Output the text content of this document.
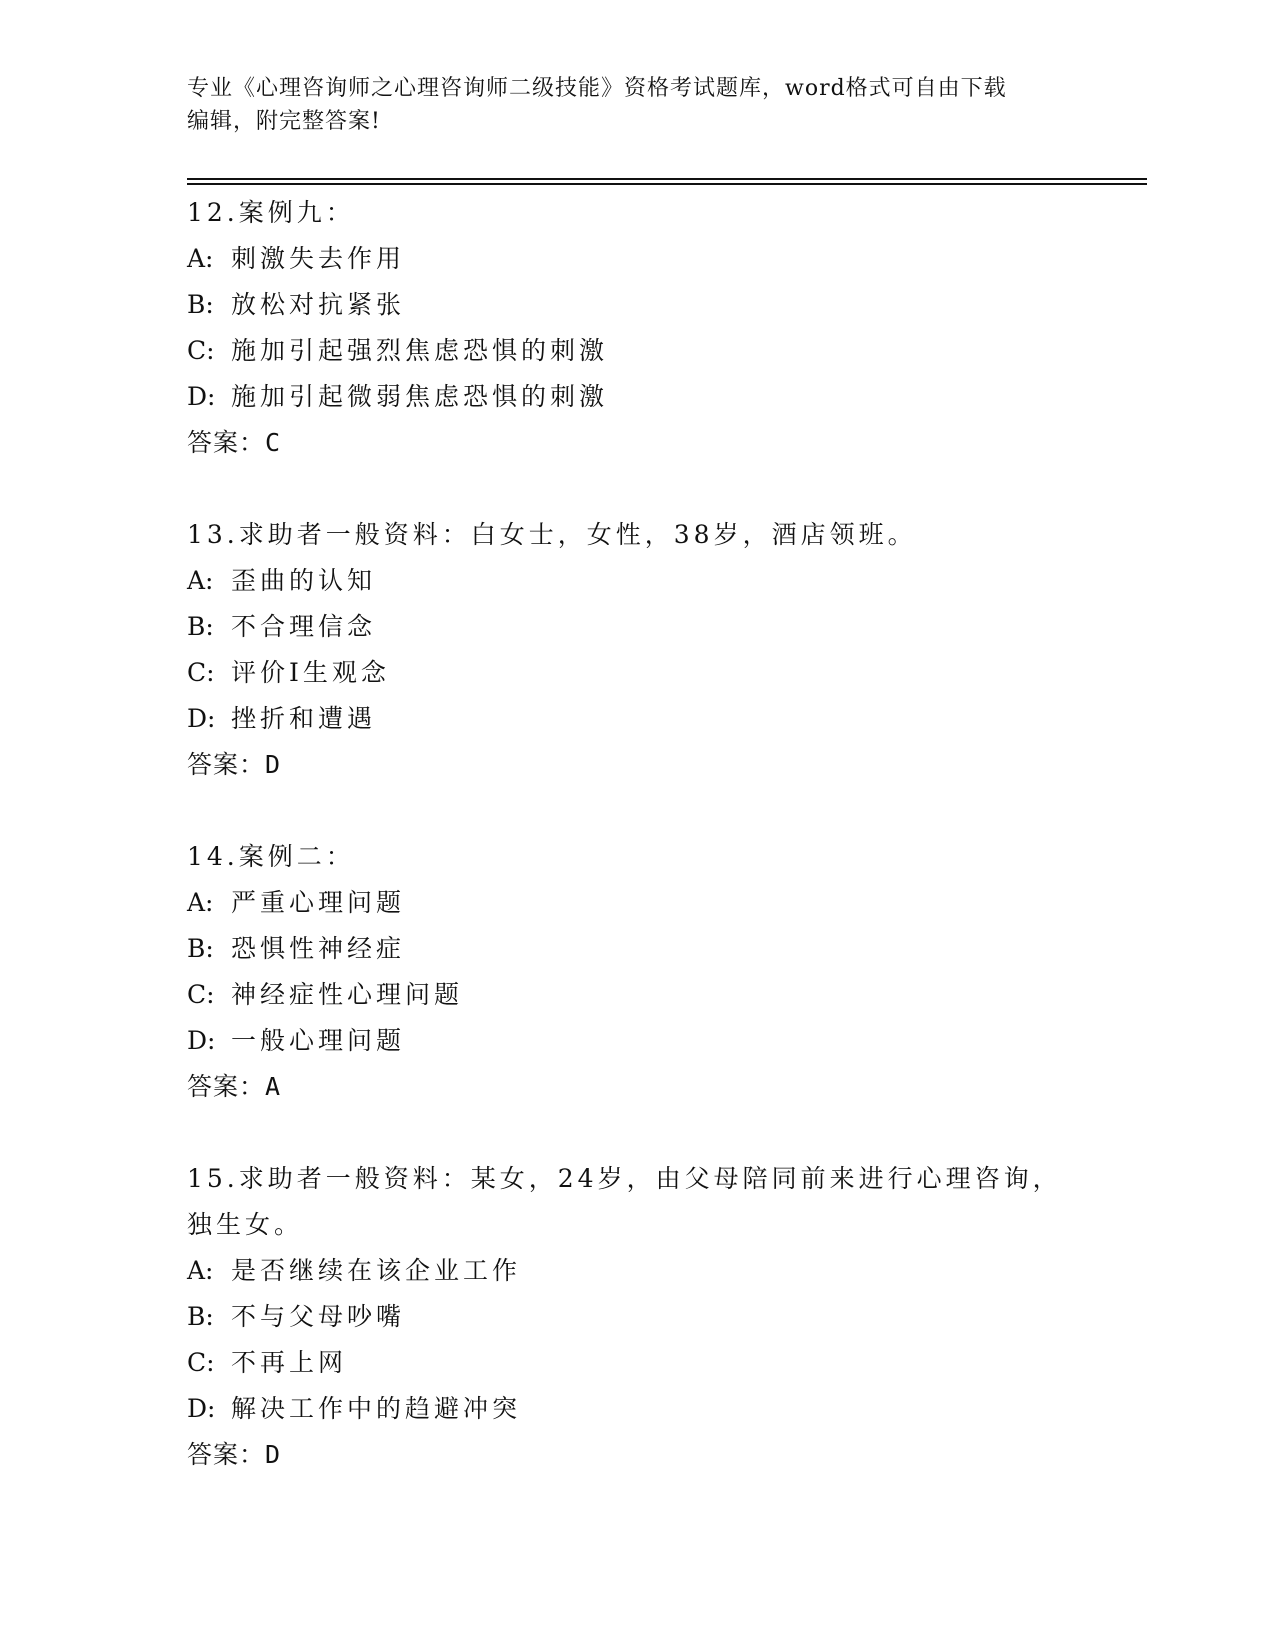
专业《心理咨询师之心理咨询师二级技能》资格考试题库，word格式可自由下载
编辑，附完整答案!
12.案例九：
A: 刺激失去作用
B: 放松对抗紧张
C: 施加引起强烈焦虑恐惧的刺激
D: 施加引起微弱焦虑恐惧的刺激
答案：C
13.求助者一般资料：白女士，女性，38岁，酒店领班。
A: 歪曲的认知
B: 不合理信念
C: 评价I生观念
D: 挫折和遭遇
答案：D
14.案例二：
A: 严重心理问题
B: 恐惧性神经症
C: 神经症性心理问题
D: 一般心理问题
答案：A
15.求助者一般资料：某女，24岁，由父母陪同前来进行心理咨询，独生女。
A: 是否继续在该企业工作
B: 不与父母吵嘴
C: 不再上网
D: 解决工作中的趋避冲突
答案：D
